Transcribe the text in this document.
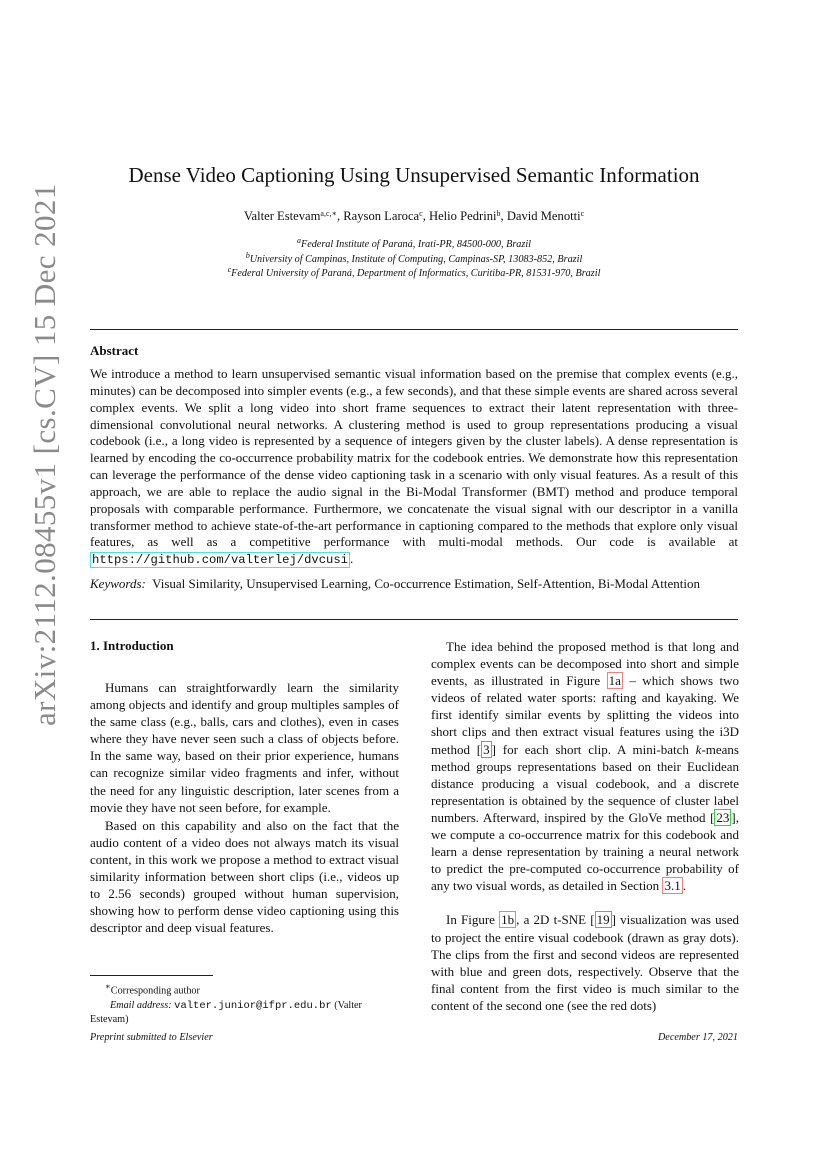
arXiv:2112.08455v1 [cs.CV] 15 Dec 2021
Dense Video Captioning Using Unsupervised Semantic Information
Valter Estevam$^{a,c,∗}$, Rayson Laroca$^c$, Helio Pedrini$^b$, David Menotti$^c$
$^a$Federal Institute of Paraná, Irati-PR, 84500-000, Brazil
$^b$University of Campinas, Institute of Computing, Campinas-SP, 13083-852, Brazil
$^c$Federal University of Paraná, Department of Informatics, Curitiba-PR, 81531-970, Brazil
Abstract
We introduce a method to learn unsupervised semantic visual information based on the premise that complex events (e.g., minutes) can be decomposed into simpler events (e.g., a few seconds), and that these simple events are shared across several complex events. We split a long video into short frame sequences to extract their latent representation with three-dimensional convolutional neural networks. A clustering method is used to group representations producing a visual codebook (i.e., a long video is represented by a sequence of integers given by the cluster labels). A dense representation is learned by encoding the co-occurrence probability matrix for the codebook entries. We demonstrate how this representation can leverage the performance of the dense video captioning task in a scenario with only visual features. As a result of this approach, we are able to replace the audio signal in the Bi-Modal Transformer (BMT) method and produce temporal proposals with comparable performance. Furthermore, we concatenate the visual signal with our descriptor in a vanilla transformer method to achieve state-of-the-art performance in captioning compared to the methods that explore only visual features, as well as a competitive performance with multi-modal methods. Our code is available at https://github.com/valterlej/dvcusi .
Keywords: Visual Similarity, Unsupervised Learning, Co-occurrence Estimation, Self-Attention, Bi-Modal Attention
1. Introduction

Humans can straightforwardly learn the similarity among objects and identify and group multiples samples of the same class (e.g., balls, cars and clothes), even in cases where they have never seen such a class of objects before. In the same way, based on their prior experience, humans can recognize similar video fragments and infer, without the need for any linguistic description, later scenes from a movie they have not seen before, for example.

Based on this capability and also on the fact that the audio content of a video does not always match its visual content, in this work we propose a method to extract visual similarity information between short clips (i.e., videos up to 2.56 seconds) grouped without human supervision, showing how to perform dense video captioning using this descriptor and deep visual features.

The idea behind the proposed method is that long and complex events can be decomposed into short and simple events, as illustrated in Figure 1a – which shows two videos of related water sports: rafting and kayaking. We first identify similar events by splitting the videos into short clips and then extract visual features using the i3D method [ 3 ] for each short clip. A mini-batch k-means method groups representations based on their Euclidean distance producing a visual codebook, and a discrete representation is obtained by the sequence of cluster label numbers. Afterward, inspired by the GloVe method [ 23 ], we compute a co-occurrence matrix for this codebook and learn a dense representation by training a neural network to predict the pre-computed co-occurrence probability of any two visual words, as detailed in Section 3.1 .

In Figure 1b , a 2D t-SNE [ 19 ] visualization was used to project the entire visual codebook (drawn as gray dots). The clips from the first and second videos are represented with blue and green dots, respectively. Observe that the final content from the first video is much similar to the content of the second one (see the red dots)

∗Corresponding author
Email address: valter.junior@ifpr.edu.br (Valter Estevam)
Preprint submitted to Elsevier	December 17, 2021
